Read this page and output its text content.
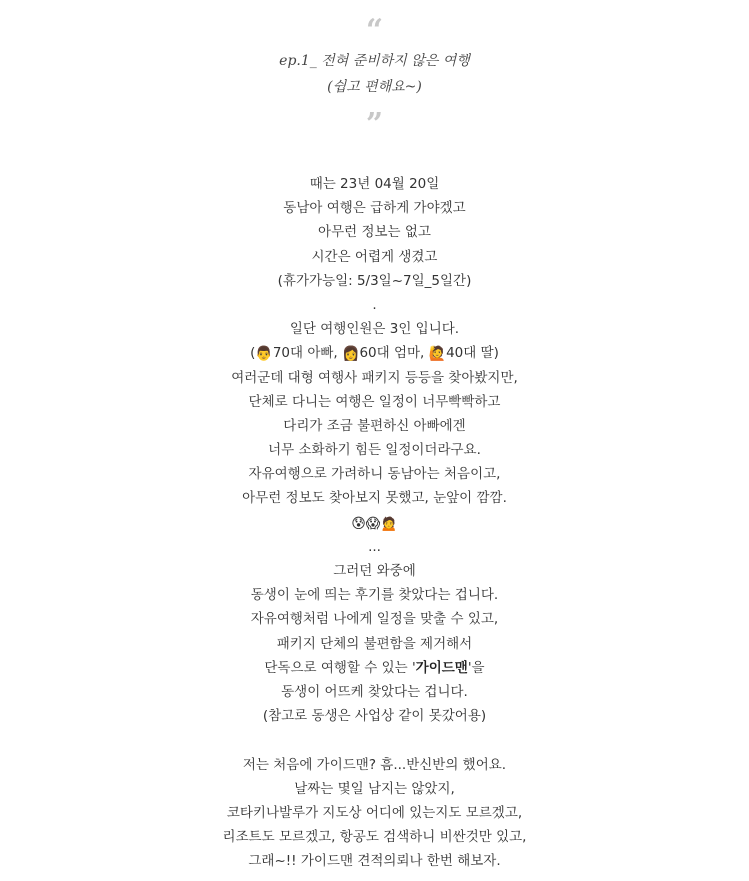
“
ep.1_ 전혀 준비하지 않은 여행
(쉽고 편해요~)
”
때는 23년 04월 20일
동남아 여행은 급하게 가야겠고
아무런 정보는 없고
시간은 어렵게 생겼고
(휴가가능일: 5/3일~7일_5일간)
.
일단 여행인원은 3인 입니다.
(👨70대 아빠, 👩60대 엄마, 🙋40대 딸)
여러군데 대형 여행사 패키지 등등을 찾아봤지만,
단체로 다니는 여행은 일정이 너무빡빡하고
다리가 조금 불편하신 아빠에겐
너무 소화하기 힘든 일정이더라구요.
자유여행으로 가려하니 동남아는 처음이고,
아무런 정보도 찾아보지 못했고, 눈앞이 깜깜.
😰😱🙍
...
그러던 와중에
동생이 눈에 띄는 후기를 찾았다는 겁니다.
자유여행처럼 나에게 일정을 맞출 수 있고,
패키지 단체의 불편함을 제거해서
단독으로 여행할 수 있는 '가이드맨'을
동생이 어뜨케 찾았다는 겁니다.
(참고로 동생은 사업상 같이 못갔어용)
저는 처음에 가이드맨? 흠...반신반의 했어요.
날짜는 몇일 남지는 않았지,
코타키나발루가 지도상 어디에 있는지도 모르겠고,
리조트도 모르겠고, 항공도 검색하니 비싼것만 있고,
그래~!! 가이드맨 견적의뢰나 한번 해보자.
